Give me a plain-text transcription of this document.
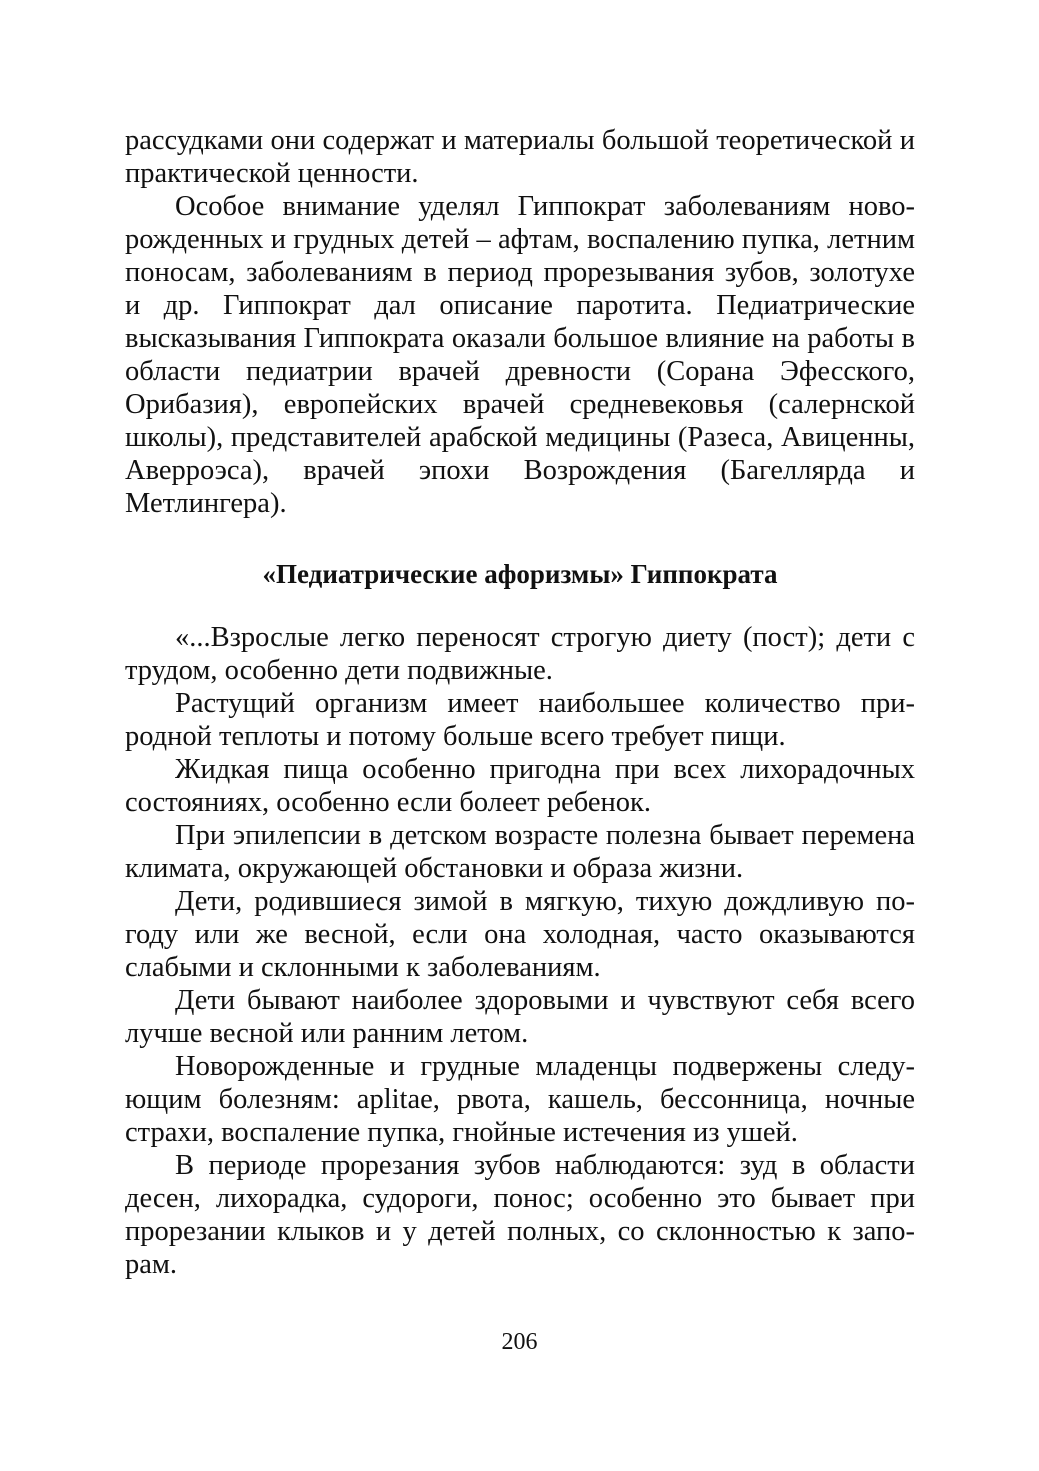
рассудками они содержат и материалы большой теоретической и практической ценности.

Особое внимание уделял Гиппократ заболеваниям новорожденных и грудных детей – афтам, воспалению пупка, летним поносам, заболеваниям в период прорезывания зубов, золотухе и др. Гиппократ дал описание паротита. Педиатрические высказывания Гиппократа оказали большое влияние на работы в области педиатрии врачей древности (Сорана Эфесского, Орибазия), европейских врачей средневековья (салернской школы), представителей арабской медицины (Разеса, Авиценны, Аверроэса), врачей эпохи Возрождения (Багеллярда и Метлингера).

«Педиатрические афоризмы» Гиппократа

«...Взрослые легко переносят строгую диету (пост); дети с трудом, особенно дети подвижные.

Растущий организм имеет наибольшее количество природной теплоты и потому больше всего требует пищи.

Жидкая пища особенно пригодна при всех лихорадочных состояниях, особенно если болеет ребенок.

При эпилепсии в детском возрасте полезна бывает перемена климата, окружающей обстановки и образа жизни.

Дети, родившиеся зимой в мягкую, тихую дождливую погоду или же весной, если она холодная, часто оказываются слабыми и склонными к заболеваниям.

Дети бывают наиболее здоровыми и чувствуют себя всего лучше весной или ранним летом.

Новорожденные и грудные младенцы подвержены следующим болезням: aplitae, рвота, кашель, бессонница, ночные страхи, воспаление пупка, гнойные истечения из ушей.

В периоде прорезания зубов наблюдаются: зуд в области десен, лихорадка, судороги, понос; особенно это бывает при прорезании клыков и у детей полных, со склонностью к запорам.

206
